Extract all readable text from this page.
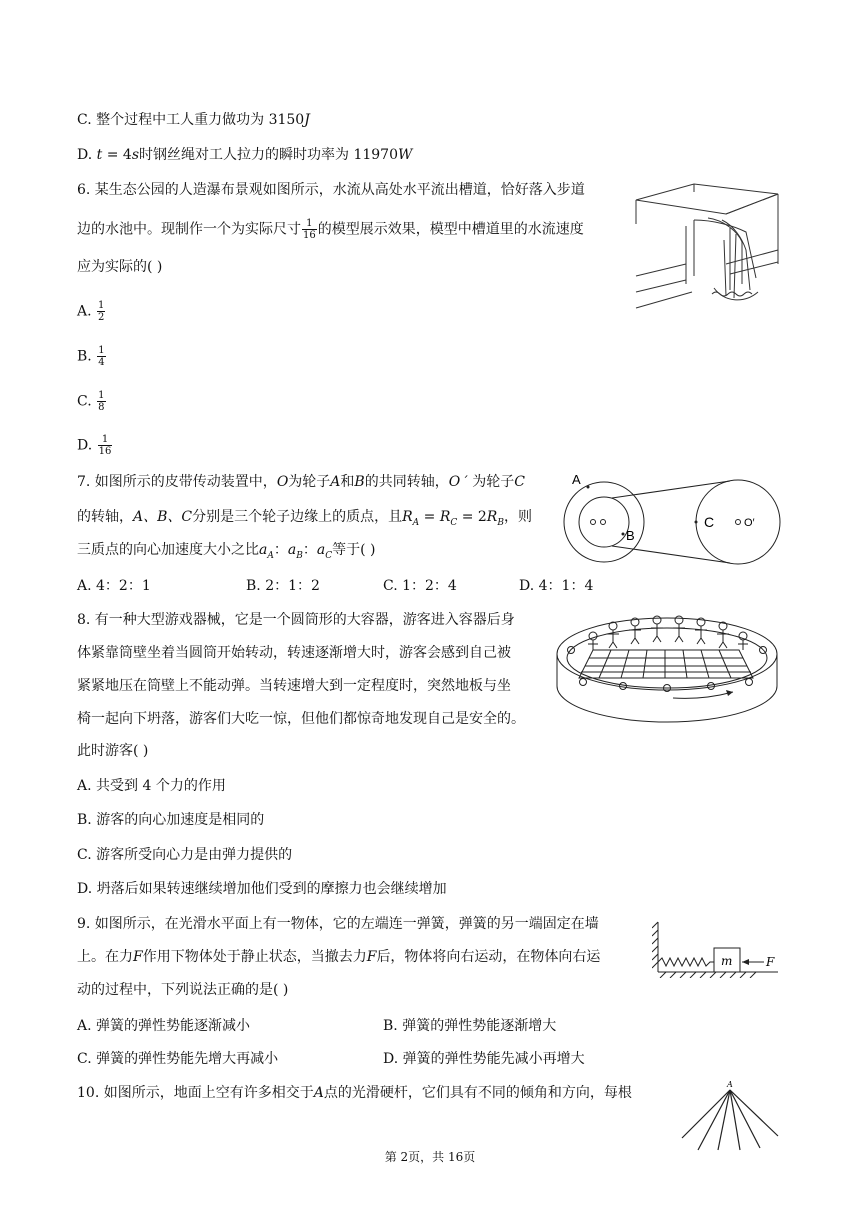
C. 整个过程中工人重力做功为 3150J
D. t = 4s时钢丝绳对工人拉力的瞬时功率为 11970W
6. 某生态公园的人造瀑布景观如图所示，水流从高处水平流出槽道，恰好落入步道
边的水池中。现制作一个为实际尺寸 $\frac{1}{16}$ 的模型展示效果，模型中槽道里的水流速度
应为实际的( )
A. $\frac{1}{2}$
B. $\frac{1}{4}$
C. $\frac{1}{8}$
D. $\frac{1}{16}$
7. 如图所示的皮带传动装置中，O为轮子A和B的共同转轴，O ′ 为轮子C
的转轴，A、B、C分别是三个轮子边缘上的质点，且$R_A = R_C = 2R_B$，则
三质点的向心加速度大小之比$a_A$：$a_B$：$a_C$等于( )
A. 4：2：1	B. 2：1：2	C. 1：2：4	D. 4：1：4
A
B
C	O′
8. 有一种大型游戏器械，它是一个圆筒形的大容器，游客进入容器后身
体紧靠筒壁坐着当圆筒开始转动，转速逐渐增大时，游客会感到自己被
紧紧地压在筒壁上不能动弹。当转速增大到一定程度时，突然地板与坐
椅一起向下坍落，游客们大吃一惊，但他们都惊奇地发现自己是安全的。
此时游客( )
A. 共受到 4 个力的作用
B. 游客的向心加速度是相同的
C. 游客所受向心力是由弹力提供的
D. 坍落后如果转速继续增加他们受到的摩擦力也会继续增加
9. 如图所示，在光滑水平面上有一物体，它的左端连一弹簧，弹簧的另一端固定在墙
上。在力F作用下物体处于静止状态，当撤去力F后，物体将向右运动，在物体向右运
动的过程中，下列说法正确的是( )
A. 弹簧的弹性势能逐渐减小	B. 弹簧的弹性势能逐渐增大
C. 弹簧的弹性势能先增大再减小	D. 弹簧的弹性势能先减小再增大
m	F
10. 如图所示，地面上空有许多相交于A点的光滑硬杆，它们具有不同的倾角和方向，每根
A
第 2页，共 16页
